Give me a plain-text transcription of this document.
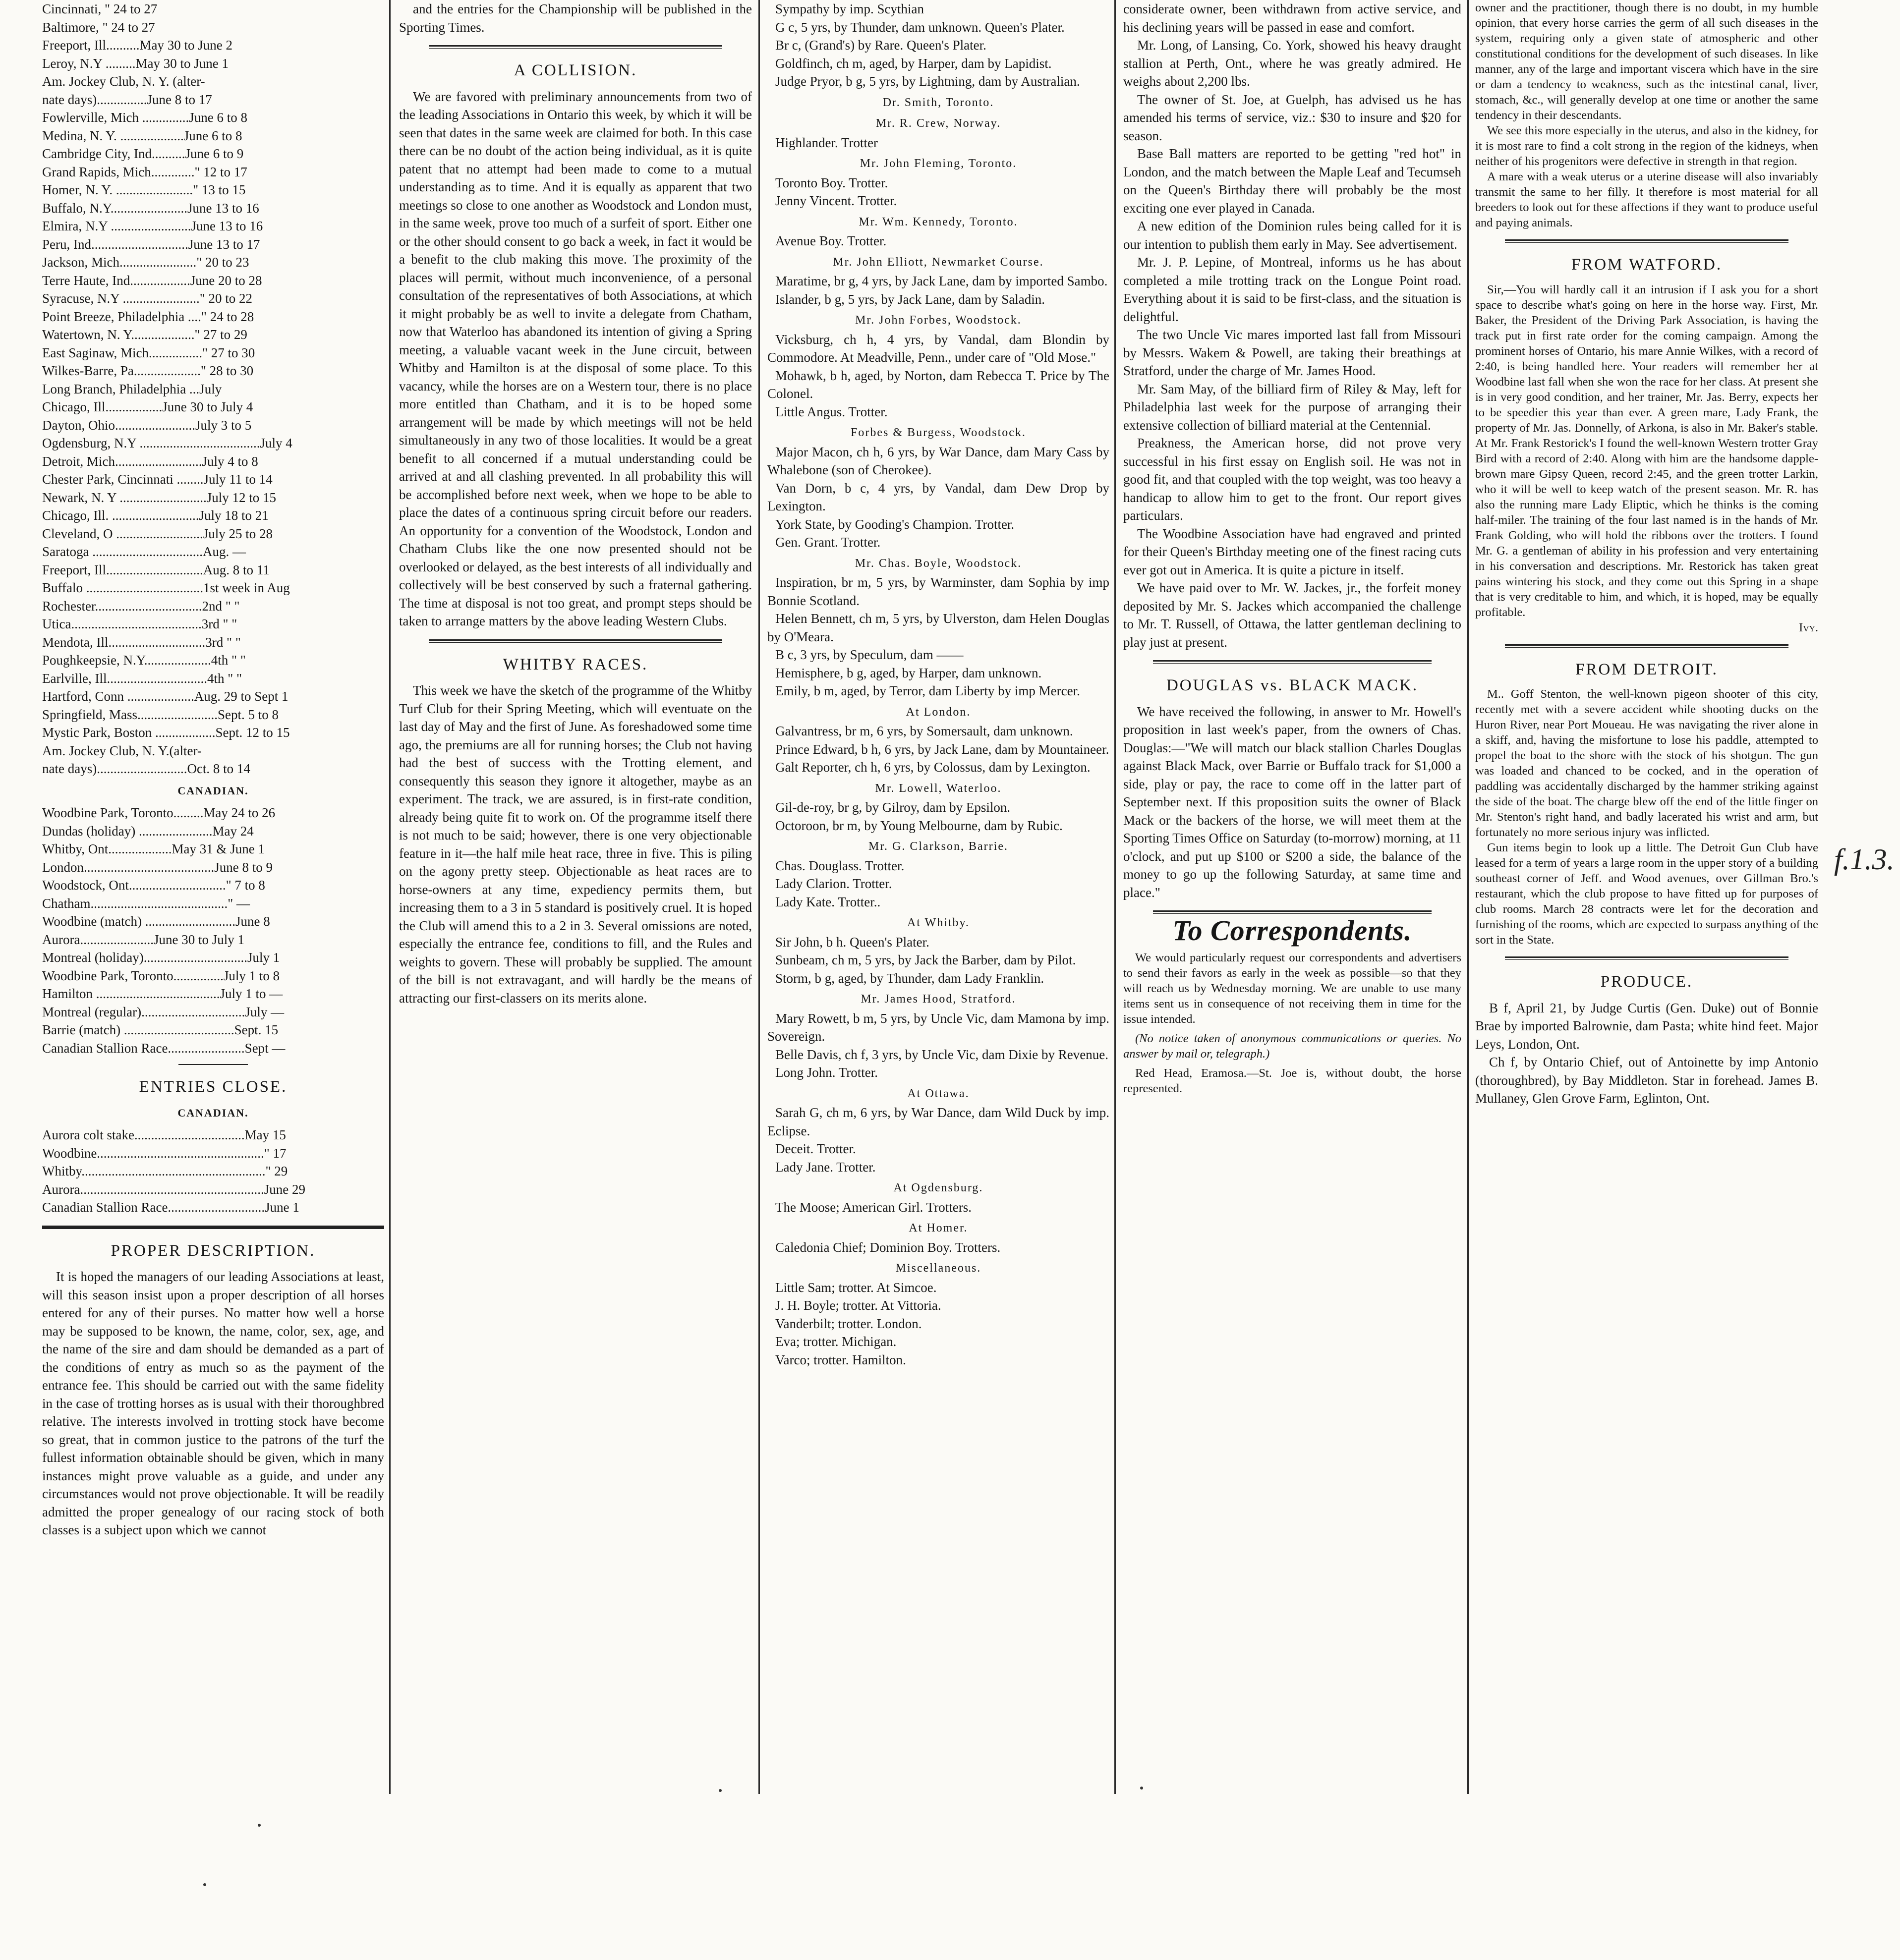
Cincinnati, " 24 to 27
Baltimore, " 24 to 27
Freeport, Ill..........May 30 to June 2
Leroy, N.Y .........May 30 to June 1
Am. Jockey Club, N. Y. (alter-
nate days)...............June 8 to 17
Fowlerville, Mich ..............June 6 to 8
Medina, N. Y. ...................June 6 to 8
Cambridge City, Ind..........June 6 to 9
Grand Rapids, Mich............." 12 to 17
Homer, N. Y. ......................." 13 to 15
Buffalo, N.Y.......................June 13 to 16
Elmira, N.Y ........................June 13 to 16
Peru, Ind.............................June 13 to 17
Jackson, Mich......................." 20 to 23
Terre Haute, Ind..................June 20 to 28
Syracuse, N.Y ......................." 20 to 22
Point Breeze, Philadelphia ...." 24 to 28
Watertown, N. Y..................." 27 to 29
East Saginaw, Mich................" 27 to 30
Wilkes-Barre, Pa...................." 28 to 30
Long Branch, Philadelphia ...July
Chicago, Ill.................June 30 to July 4
Dayton, Ohio........................July 3 to 5
Ogdensburg, N.Y ....................................July 4
Detroit, Mich..........................July 4 to 8
Chester Park, Cincinnati ........July 11 to 14
Newark, N. Y ..........................July 12 to 15
Chicago, Ill. ..........................July 18 to 21
Cleveland, O ..........................July 25 to 28
Saratoga .................................Aug. —
Freeport, Ill.............................Aug. 8 to 11
Buffalo ...................................1st week in Aug
Rochester................................2nd " "
Utica.......................................3rd " "
Mendota, Ill.............................3rd " "
Poughkeepsie, N.Y....................4th " "
Earlville, Ill..............................4th " "
Hartford, Conn ....................Aug. 29 to Sept 1
Springfield, Mass........................Sept. 5 to 8
Mystic Park, Boston ..................Sept. 12 to 15
Am. Jockey Club, N. Y.(alter-
nate days)...........................Oct. 8 to 14
CANADIAN.
Woodbine Park, Toronto.........May 24 to 26
Dundas (holiday) ......................May 24
Whitby, Ont...................May 31 & June 1
London.......................................June 8 to 9
Woodstock, Ont............................." 7 to 8
Chatham........................................." —
Woodbine (match) ...........................June 8
Aurora......................June 30 to July 1
Montreal (holiday)...............................July 1
Woodbine Park, Toronto...............July 1 to 8
Hamilton .....................................July 1 to —
Montreal (regular)...............................July —
Barrie (match) .................................Sept. 15
Canadian Stallion Race.......................Sept —
ENTRIES CLOSE.
CANADIAN.
Aurora colt stake.................................May 15
Woodbine.................................................." 17
Whitby......................................................." 29
Aurora.......................................................June 29
Canadian Stallion Race.............................June 1
PROPER DESCRIPTION.

It is hoped the managers of our leading Associations at least, will this season insist upon a proper description of all horses entered for any of their purses. No matter how well a horse may be supposed to be known, the name, color, sex, age, and the name of the sire and dam should be demanded as a part of the conditions of entry as much so as the payment of the entrance fee. This should be carried out with the same fidelity in the case of trotting horses as is usual with their thoroughbred relative. The interests involved in trotting stock have become so great, that in common justice to the patrons of the turf the fullest information obtainable should be given, which in many instances might prove valuable as a guide, and under any circumstances would not prove objectionable. It will be readily admitted the proper genealogy of our racing stock of both classes is a subject upon which we cannot

and the entries for the Championship will be published in the Sporting Times.

A COLLISION.

We are favored with preliminary announcements from two of the leading Associations in Ontario this week, by which it will be seen that dates in the same week are claimed for both. In this case there can be no doubt of the action being individual, as it is quite patent that no attempt had been made to come to a mutual understanding as to time. And it is equally as apparent that two meetings so close to one another as Woodstock and London must, in the same week, prove too much of a surfeit of sport. Either one or the other should consent to go back a week, in fact it would be a benefit to the club making this move. The proximity of the places will permit, without much inconvenience, of a personal consultation of the representatives of both Associations, at which it might probably be as well to invite a delegate from Chatham, now that Waterloo has abandoned its intention of giving a Spring meeting, a valuable vacant week in the June circuit, between Whitby and Hamilton is at the disposal of some place. To this vacancy, while the horses are on a Western tour, there is no place more entitled than Chatham, and it is to be hoped some arrangement will be made by which meetings will not be held simultaneously in any two of those localities. It would be a great benefit to all concerned if a mutual understanding could be arrived at and all clashing prevented. In all probability this will be accomplished before next week, when we hope to be able to place the dates of a continuous spring circuit before our readers. An opportunity for a convention of the Woodstock, London and Chatham Clubs like the one now presented should not be overlooked or delayed, as the best interests of all individually and collectively will be best conserved by such a fraternal gathering. The time at disposal is not too great, and prompt steps should be taken to arrange matters by the above leading Western Clubs.

WHITBY RACES.

This week we have the sketch of the programme of the Whitby Turf Club for their Spring Meeting, which will eventuate on the last day of May and the first of June. As foreshadowed some time ago, the premiums are all for running horses; the Club not having had the best of success with the Trotting element, and consequently this season they ignore it altogether, maybe as an experiment. The track, we are assured, is in first-rate condition, already being quite fit to work on. Of the programme itself there is not much to be said; however, there is one very objectionable feature in it—the half mile heat race, three in five. This is piling on the agony pretty steep. Objectionable as heat races are to horse-owners at any time, expediency permits them, but increasing them to a 3 in 5 standard is positively cruel. It is hoped the Club will amend this to a 2 in 3. Several omissions are noted, especially the entrance fee, conditions to fill, and the Rules and weights to govern. These will probably be supplied. The amount of the bill is not extravagant, and will hardly be the means of attracting our first-classers on its merits alone.

Sympathy by imp. Scythian
G c, 5 yrs, by Thunder, dam unknown. Queen's Plater.
Br c, (Grand's) by Rare. Queen's Plater.
Goldfinch, ch m, aged, by Harper, dam by Lapidist.
Judge Pryor, b g, 5 yrs, by Lightning, dam by Australian.
Dr. Smith, Toronto.
Mr. R. Crew, Norway.
Highlander. Trotter
Mr. John Fleming, Toronto.
Toronto Boy. Trotter.
Jenny Vincent. Trotter.
Mr. Wm. Kennedy, Toronto.
Avenue Boy. Trotter.
Mr. John Elliott, Newmarket Course.
Maratime, br g, 4 yrs, by Jack Lane, dam by imported Sambo.
Islander, b g, 5 yrs, by Jack Lane, dam by Saladin.
Mr. John Forbes, Woodstock.
Vicksburg, ch h, 4 yrs, by Vandal, dam Blondin by Commodore. At Meadville, Penn., under care of "Old Mose."
Mohawk, b h, aged, by Norton, dam Rebecca T. Price by The Colonel.
Little Angus. Trotter.
Forbes & Burgess, Woodstock.
Major Macon, ch h, 6 yrs, by War Dance, dam Mary Cass by Whalebone (son of Cherokee).
Van Dorn, b c, 4 yrs, by Vandal, dam Dew Drop by Lexington.
York State, by Gooding's Champion. Trotter.
Gen. Grant. Trotter.
Mr. Chas. Boyle, Woodstock.
Inspiration, br m, 5 yrs, by Warminster, dam Sophia by imp Bonnie Scotland.
Helen Bennett, ch m, 5 yrs, by Ulverston, dam Helen Douglas by O'Meara.
B c, 3 yrs, by Speculum, dam ——
Hemisphere, b g, aged, by Harper, dam unknown.
Emily, b m, aged, by Terror, dam Liberty by imp Mercer.
At London.
Galvantress, br m, 6 yrs, by Somersault, dam unknown.
Prince Edward, b h, 6 yrs, by Jack Lane, dam by Mountaineer.
Galt Reporter, ch h, 6 yrs, by Colossus, dam by Lexington.
Mr. Lowell, Waterloo.
Gil-de-roy, br g, by Gilroy, dam by Epsilon.
Octoroon, br m, by Young Melbourne, dam by Rubic.
Mr. G. Clarkson, Barrie.
Chas. Douglass. Trotter.
Lady Clarion. Trotter.
Lady Kate. Trotter..
At Whitby.
Sir John, b h. Queen's Plater.
Sunbeam, ch m, 5 yrs, by Jack the Barber, dam by Pilot.
Storm, b g, aged, by Thunder, dam Lady Franklin.
Mr. James Hood, Stratford.
Mary Rowett, b m, 5 yrs, by Uncle Vic, dam Mamona by imp. Sovereign.
Belle Davis, ch f, 3 yrs, by Uncle Vic, dam Dixie by Revenue.
Long John. Trotter.
At Ottawa.
Sarah G, ch m, 6 yrs, by War Dance, dam Wild Duck by imp. Eclipse.
Deceit. Trotter.
Lady Jane. Trotter.
At Ogdensburg.
The Moose; American Girl. Trotters.
At Homer.
Caledonia Chief; Dominion Boy. Trotters.
Miscellaneous.
Little Sam; trotter. At Simcoe.
J. H. Boyle; trotter. At Vittoria.
Vanderbilt; trotter. London.
Eva; trotter. Michigan.
Varco; trotter. Hamilton.

considerate owner, been withdrawn from active service, and his declining years will be passed in ease and comfort.

Mr. Long, of Lansing, Co. York, showed his heavy draught stallion at Perth, Ont., where he was greatly admired. He weighs about 2,200 lbs.

The owner of St. Joe, at Guelph, has advised us he has amended his terms of service, viz.: $30 to insure and $20 for season.

Base Ball matters are reported to be getting "red hot" in London, and the match between the Maple Leaf and Tecumseh on the Queen's Birthday there will probably be the most exciting one ever played in Canada.

A new edition of the Dominion rules being called for it is our intention to publish them early in May. See advertisement.

Mr. J. P. Lepine, of Montreal, informs us he has about completed a mile trotting track on the Longue Point road. Everything about it is said to be first-class, and the situation is delightful.

The two Uncle Vic mares imported last fall from Missouri by Messrs. Wakem & Powell, are taking their breathings at Stratford, under the charge of Mr. James Hood.

Mr. Sam May, of the billiard firm of Riley & May, left for Philadelphia last week for the purpose of arranging their extensive collection of billiard material at the Centennial.

Preakness, the American horse, did not prove very successful in his first essay on English soil. He was not in good fit, and that coupled with the top weight, was too heavy a handicap to allow him to get to the front. Our report gives particulars.

The Woodbine Association have had engraved and printed for their Queen's Birthday meeting one of the finest racing cuts ever got out in America. It is quite a picture in itself.

We have paid over to Mr. W. Jackes, jr., the forfeit money deposited by Mr. S. Jackes which accompanied the challenge to Mr. T. Russell, of Ottawa, the latter gentleman declining to play just at present.

DOUGLAS vs. BLACK MACK.

We have received the following, in answer to Mr. Howell's proposition in last week's paper, from the owners of Chas. Douglas:—"We will match our black stallion Charles Douglas against Black Mack, over Barrie or Buffalo track for $1,000 a side, play or pay, the race to come off in the latter part of September next. If this proposition suits the owner of Black Mack or the backers of the horse, we will meet them at the Sporting Times Office on Saturday (to-morrow) morning, at 11 o'clock, and put up $100 or $200 a side, the balance of the money to go up the following Saturday, at same time and place."

To Correspondents.

We would particularly request our correspondents and advertisers to send their favors as early in the week as possible—so that they will reach us by Wednesday morning. We are unable to use many items sent us in consequence of not receiving them in time for the issue intended.

(No notice taken of anonymous communications or queries. No answer by mail or, telegraph.)

Red Head, Eramosa.—St. Joe is, without doubt, the horse represented.

owner and the practitioner, though there is no doubt, in my humble opinion, that every horse carries the germ of all such diseases in the system, requiring only a given state of atmospheric and other constitutional conditions for the development of such diseases. In like manner, any of the large and important viscera which have in the sire or dam a tendency to weakness, such as the intestinal canal, liver, stomach, &c., will generally develop at one time or another the same tendency in their descendants.

We see this more especially in the uterus, and also in the kidney, for it is most rare to find a colt strong in the region of the kidneys, when neither of his progenitors were defective in strength in that region.

A mare with a weak uterus or a uterine disease will also invariably transmit the same to her filly. It therefore is most material for all breeders to look out for these affections if they want to produce useful and paying animals.

FROM WATFORD.

Sir,—You will hardly call it an intrusion if I ask you for a short space to describe what's going on here in the horse way. First, Mr. Baker, the President of the Driving Park Association, is having the track put in first rate order for the coming campaign. Among the prominent horses of Ontario, his mare Annie Wilkes, with a record of 2:40, is being handled here. Your readers will remember her at Woodbine last fall when she won the race for her class. At present she is in very good condition, and her trainer, Mr. Jas. Berry, expects her to be speedier this year than ever. A green mare, Lady Frank, the property of Mr. Jas. Donnelly, of Arkona, is also in Mr. Baker's stable. At Mr. Frank Restorick's I found the well-known Western trotter Gray Bird with a record of 2:40. Along with him are the handsome dapple-brown mare Gipsy Queen, record 2:45, and the green trotter Larkin, who it will be well to keep watch of the present season. Mr. R. has also the running mare Lady Eliptic, which he thinks is the coming half-miler. The training of the four last named is in the hands of Mr. Frank Golding, who will hold the ribbons over the trotters. I found Mr. G. a gentleman of ability in his profession and very entertaining in his conversation and descriptions. Mr. Restorick has taken great pains wintering his stock, and they come out this Spring in a shape that is very creditable to him, and which, it is hoped, may be equally profitable.

Ivy.

FROM DETROIT.

M.. Goff Stenton, the well-known pigeon shooter of this city, recently met with a severe accident while shooting ducks on the Huron River, near Port Moueau. He was navigating the river alone in a skiff, and, having the misfortune to lose his paddle, attempted to propel the boat to the shore with the stock of his shotgun. The gun was loaded and chanced to be cocked, and in the operation of paddling was accidentally discharged by the hammer striking against the side of the boat. The charge blew off the end of the little finger on Mr. Stenton's right hand, and badly lacerated his wrist and arm, but fortunately no more serious injury was inflicted.

Gun items begin to look up a little. The Detroit Gun Club have leased for a term of years a large room in the upper story of a building southeast corner of Jeff. and Wood avenues, over Gillman Bro.'s restaurant, which the club propose to have fitted up for purposes of club rooms. March 28 contracts were let for the decoration and furnishing of the rooms, which are expected to surpass anything of the sort in the State.

PRODUCE.

B f, April 21, by Judge Curtis (Gen. Duke) out of Bonnie Brae by imported Balrownie, dam Pasta; white hind feet. Major Leys, London, Ont.

Ch f, by Ontario Chief, out of Antoinette by imp Antonio (thoroughbred), by Bay Middleton. Star in forehead. James B. Mullaney, Glen Grove Farm, Eglinton, Ont.

f.1.3.
